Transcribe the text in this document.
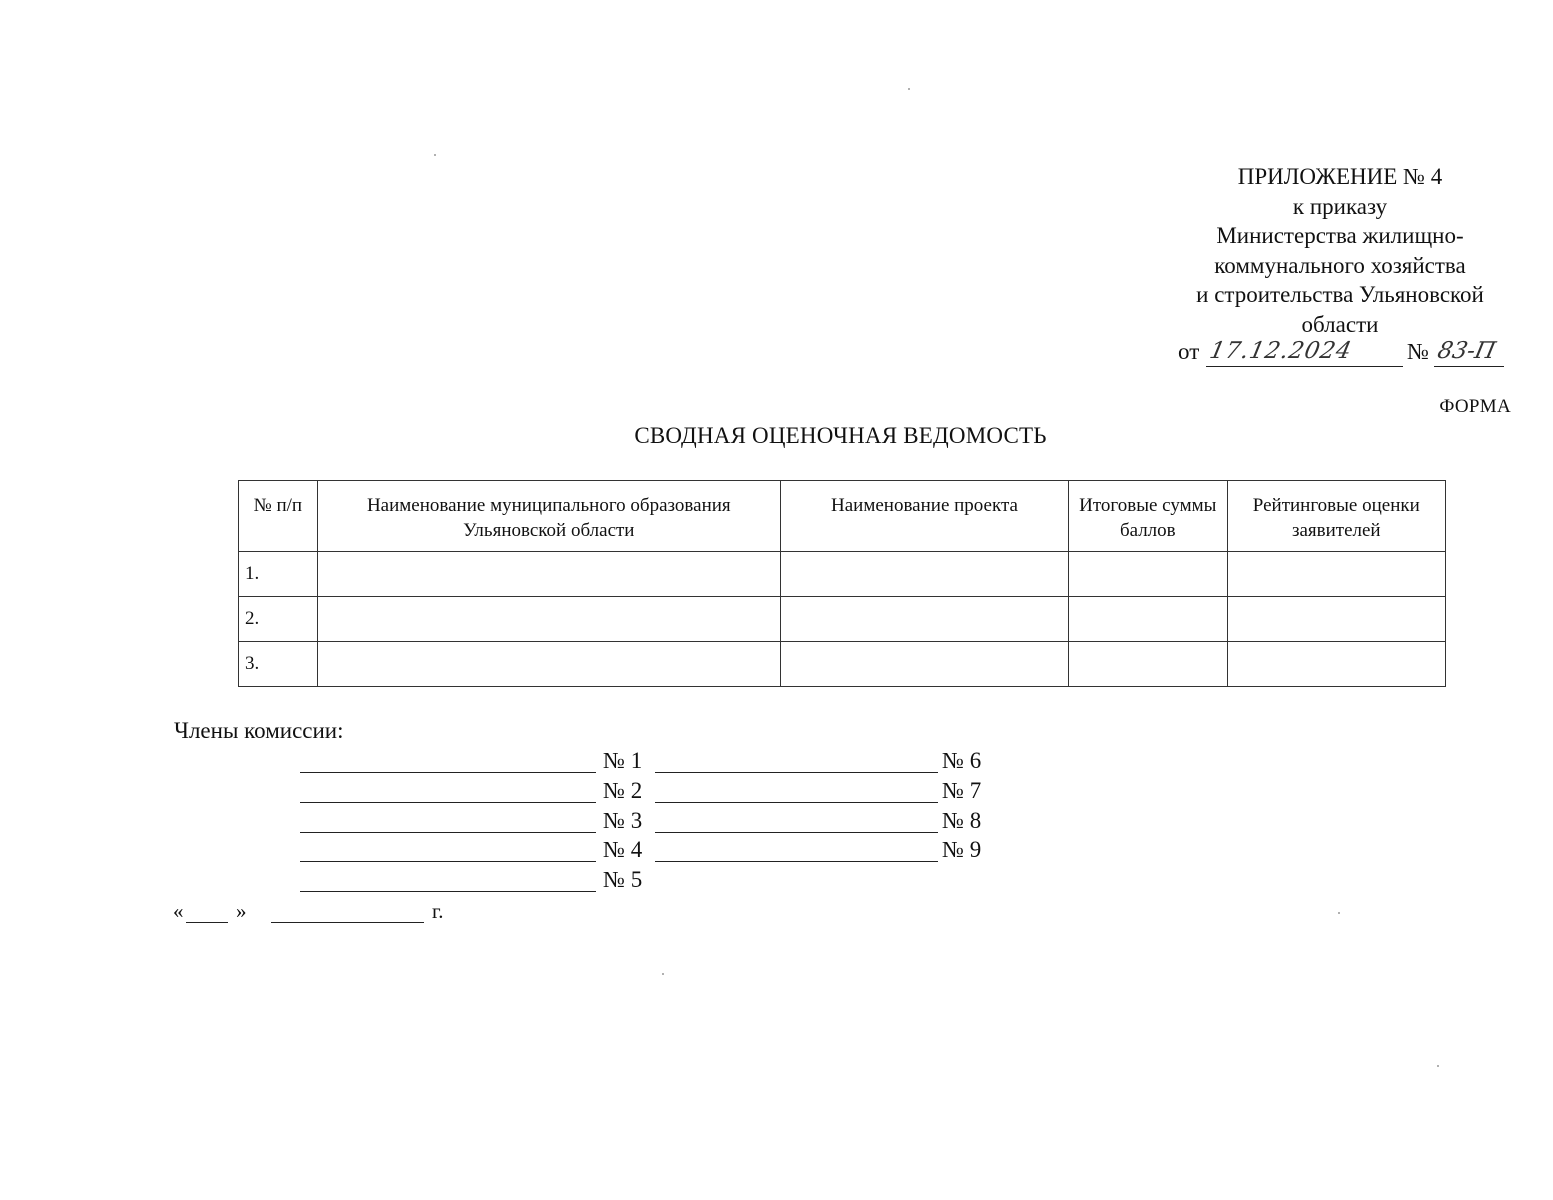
ПРИЛОЖЕНИЕ № 4
к приказу
Министерства жилищно-
коммунального хозяйства
и строительства Ульяновской
области
от 17.12.2024 № 83-П
ФОРМА
СВОДНАЯ ОЦЕНОЧНАЯ ВЕДОМОСТЬ
№ п/п	Наименование муниципального образования Ульяновской области	Наименование проекта	Итоговые суммы баллов	Рейтинговые оценки заявителей
1.				
2.				
3.				
Члены комиссии:
№ 1	№ 6
№ 2	№ 7
№ 3	№ 8
№ 4	№ 9
№ 5
«	»	г.
